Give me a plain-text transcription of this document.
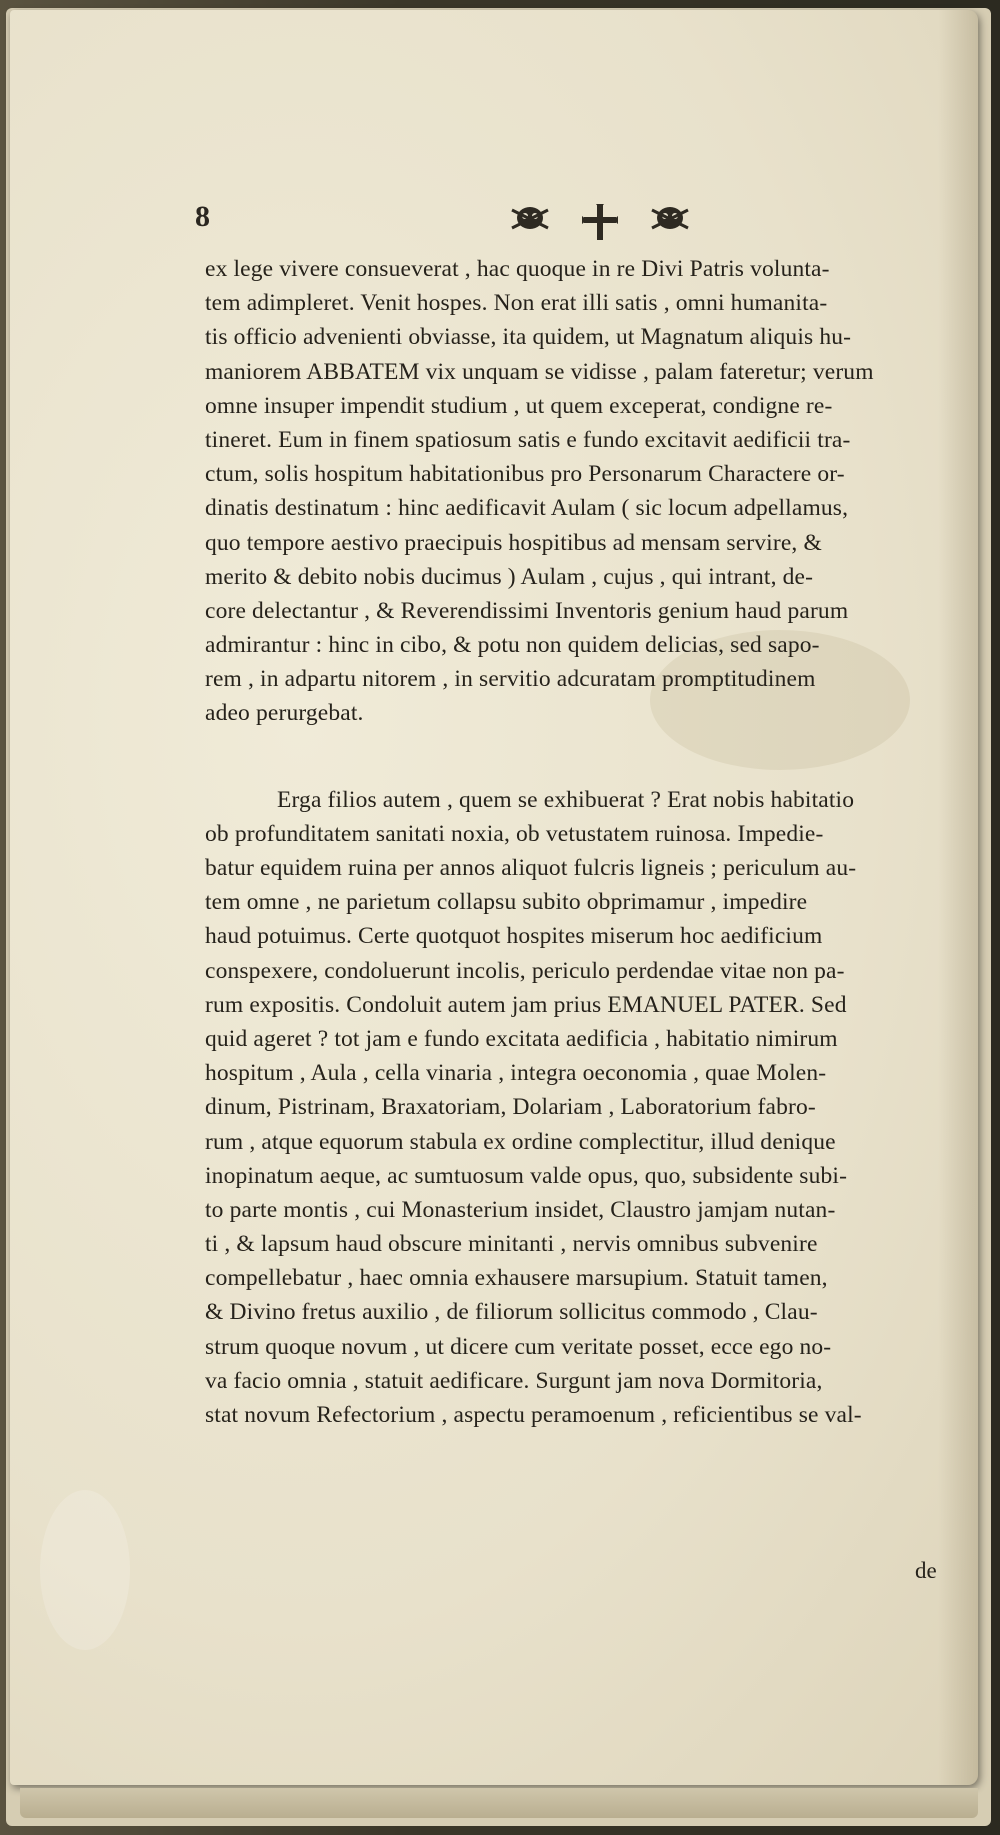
8
ex lege vivere consueverat , hac quoque in re Divi Patris volunta-
tem adimpleret. Venit hospes. Non erat illi satis , omni humanita-
tis officio advenienti obviasse, ita quidem, ut Magnatum aliquis hu-
maniorem ABBATEM vix unquam se vidisse , palam fateretur; verum
omne insuper impendit studium , ut quem exceperat, condigne re-
tineret. Eum in finem spatiosum satis e fundo excitavit aedificii tra-
ctum, solis hospitum habitationibus pro Personarum Charactere or-
dinatis destinatum : hinc aedificavit Aulam ( sic locum adpellamus,
quo tempore aestivo praecipuis hospitibus ad mensam servire, &
merito & debito nobis ducimus ) Aulam , cujus , qui intrant, de-
core delectantur , & Reverendissimi Inventoris genium haud parum
admirantur : hinc in cibo, & potu non quidem delicias, sed sapo-
rem , in adpartu nitorem , in servitio adcuratam promptitudinem
adeo perurgebat.
Erga filios autem , quem se exhibuerat ? Erat nobis habitatio
ob profunditatem sanitati noxia, ob vetustatem ruinosa. Impedie-
batur equidem ruina per annos aliquot fulcris ligneis ; periculum au-
tem omne , ne parietum collapsu subito obprimamur , impedire
haud potuimus. Certe quotquot hospites miserum hoc aedificium
conspexere, condoluerunt incolis, periculo perdendae vitae non pa-
rum expositis. Condoluit autem jam prius EMANUEL PATER. Sed
quid ageret ? tot jam e fundo excitata aedificia , habitatio nimirum
hospitum , Aula , cella vinaria , integra oeconomia , quae Molen-
dinum, Pistrinam, Braxatoriam, Dolariam , Laboratorium fabro-
rum , atque equorum stabula ex ordine complectitur, illud denique
inopinatum aeque, ac sumtuosum valde opus, quo, subsidente subi-
to parte montis , cui Monasterium insidet, Claustro jamjam nutan-
ti , & lapsum haud obscure minitanti , nervis omnibus subvenire
compellebatur , haec omnia exhausere marsupium. Statuit tamen,
& Divino fretus auxilio , de filiorum sollicitus commodo , Clau-
strum quoque novum , ut dicere cum veritate posset, ecce ego no-
va facio omnia , statuit aedificare. Surgunt jam nova Dormitoria,
stat novum Refectorium , aspectu peramoenum , reficientibus se val-
de
